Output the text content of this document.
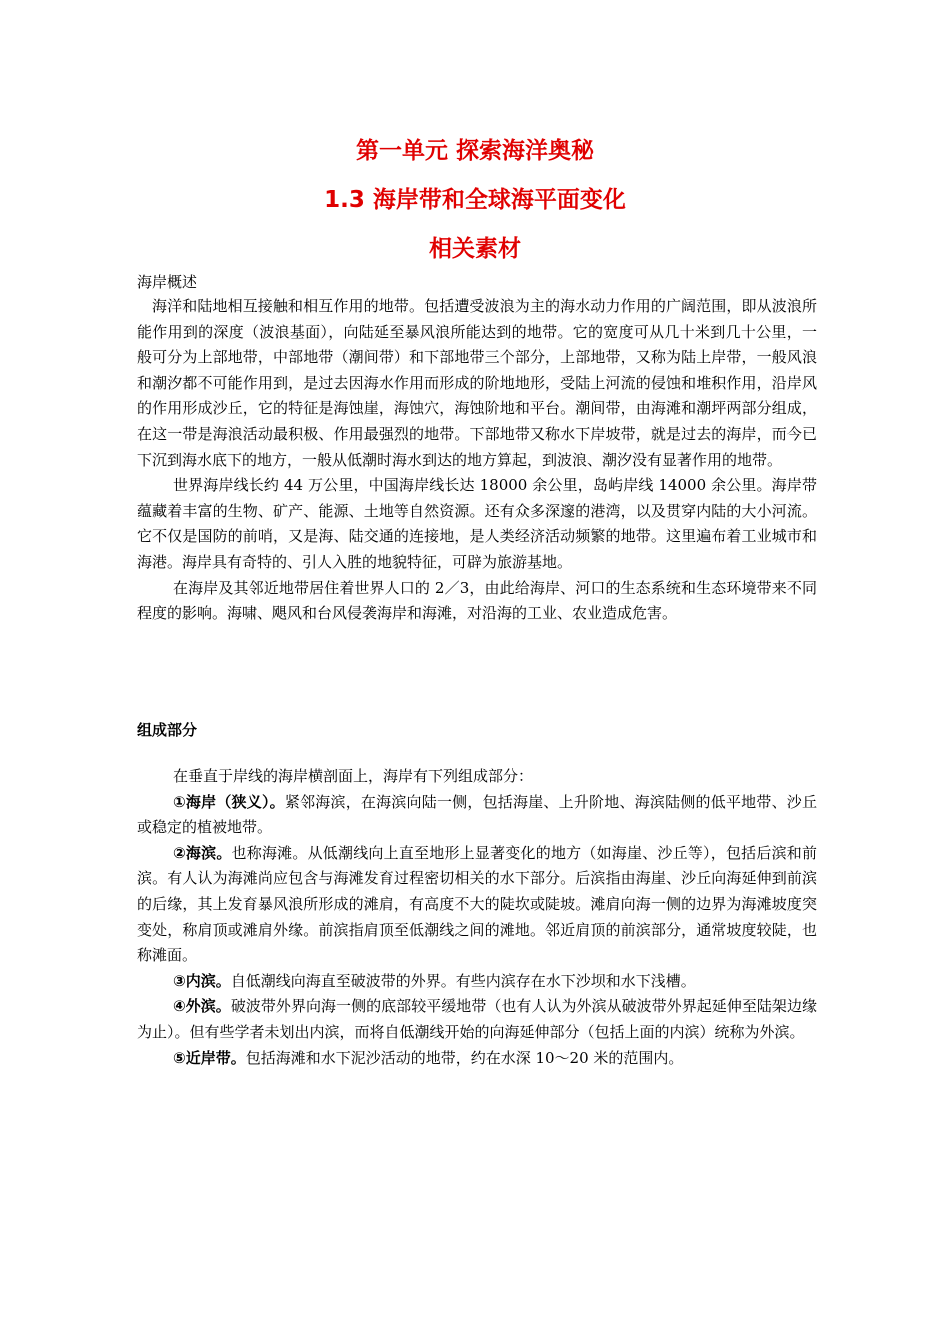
第一单元 探索海洋奥秘
1.3 海岸带和全球海平面变化
相关素材
海岸概述

海洋和陆地相互接触和相互作用的地带。包括遭受波浪为主的海水动力作用的广阔范围，即从波浪所能作用到的深度（波浪基面），向陆延至暴风浪所能达到的地带。它的宽度可从几十米到几十公里，一般可分为上部地带，中部地带（潮间带）和下部地带三个部分，上部地带，又称为陆上岸带，一般风浪和潮汐都不可能作用到，是过去因海水作用而形成的阶地地形，受陆上河流的侵蚀和堆积作用，沿岸风的作用形成沙丘，它的特征是海蚀崖，海蚀穴，海蚀阶地和平台。潮间带，由海滩和潮坪两部分组成，在这一带是海浪活动最积极、作用最强烈的地带。下部地带又称水下岸坡带，就是过去的海岸，而今已下沉到海水底下的地方，一般从低潮时海水到达的地方算起，到波浪、潮汐没有显著作用的地带。

世界海岸线长约 44 万公里，中国海岸线长达 18000 余公里，岛屿岸线 14000 余公里。海岸带蕴藏着丰富的生物、矿产、能源、土地等自然资源。还有众多深邃的港湾，以及贯穿内陆的大小河流。它不仅是国防的前哨，又是海、陆交通的连接地，是人类经济活动频繁的地带。这里遍布着工业城市和海港。海岸具有奇特的、引人入胜的地貌特征，可辟为旅游基地。

在海岸及其邻近地带居住着世界人口的 2／3，由此给海岸、河口的生态系统和生态环境带来不同程度的影响。海啸、飓风和台风侵袭海岸和海滩，对沿海的工业、农业造成危害。

组成部分

在垂直于岸线的海岸横剖面上，海岸有下列组成部分：

①海岸（狭义）。紧邻海滨，在海滨向陆一侧，包括海崖、上升阶地、海滨陆侧的低平地带、沙丘或稳定的植被地带。

②海滨。也称海滩。从低潮线向上直至地形上显著变化的地方（如海崖、沙丘等），包括后滨和前滨。有人认为海滩尚应包含与海滩发育过程密切相关的水下部分。后滨指由海崖、沙丘向海延伸到前滨的后缘，其上发育暴风浪所形成的滩肩，有高度不大的陡坎或陡坡。滩肩向海一侧的边界为海滩坡度突变处，称肩顶或滩肩外缘。前滨指肩顶至低潮线之间的滩地。邻近肩顶的前滨部分，通常坡度较陡，也称滩面。

③内滨。自低潮线向海直至破波带的外界。有些内滨存在水下沙坝和水下浅槽。

④外滨。破波带外界向海一侧的底部较平缓地带（也有人认为外滨从破波带外界起延伸至陆架边缘为止）。但有些学者未划出内滨，而将自低潮线开始的向海延伸部分（包括上面的内滨）统称为外滨。

⑤近岸带。包括海滩和水下泥沙活动的地带，约在水深 10～20 米的范围内。
